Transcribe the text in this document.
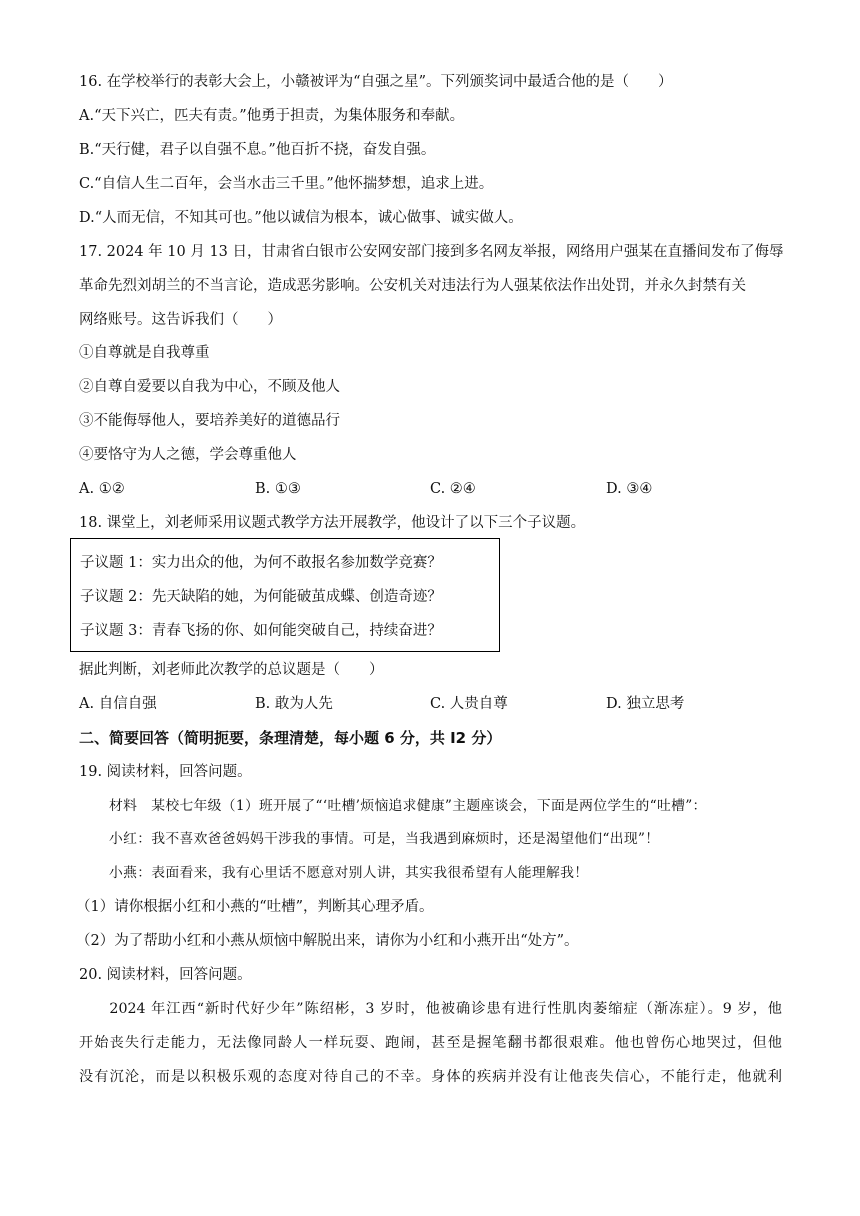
16. 在学校举行的表彰大会上，小赣被评为“自强之星”。下列颁奖词中最适合他的是（　　）
A.“天下兴亡，匹夫有责。”他勇于担责，为集体服务和奉献。
B.“天行健，君子以自强不息。”他百折不挠，奋发自强。
C.“自信人生二百年，会当水击三千里。”他怀揣梦想，追求上进。
D.“人而无信，不知其可也。”他以诚信为根本，诚心做事、诚实做人。
17. 2024 年 10 月 13 日，甘肃省白银市公安网安部门接到多名网友举报，网络用户强某在直播间发布了侮辱
革命先烈刘胡兰的不当言论，造成恶劣影响。公安机关对违法行为人强某依法作出处罚，并永久封禁有关
网络账号。这告诉我们（　　）
①自尊就是自我尊重
②自尊自爱要以自我为中心，不顾及他人
③不能侮辱他人，要培养美好的道德品行
④要恪守为人之德，学会尊重他人
A. ①②	B. ①③	C. ②④	D. ③④
18. 课堂上，刘老师采用议题式教学方法开展教学，他设计了以下三个子议题。
子议题 1：实力出众的他，为何不敢报名参加数学竞赛？
子议题 2：先天缺陷的她，为何能破茧成蝶、创造奇迹？
子议题 3：青春飞扬的你、如何能突破自己，持续奋进？
据此判断，刘老师此次教学的总议题是（　　）
A. 自信自强	B. 敢为人先	C. 人贵自尊	D. 独立思考
二、简要回答（简明扼要，条理清楚，每小题 6 分，共 I2 分）
19. 阅读材料，回答问题。
材料　某校七年级（1）班开展了“‘吐槽’烦恼追求健康”主题座谈会，下面是两位学生的“吐槽”：
小红：我不喜欢爸爸妈妈干涉我的事情。可是，当我遇到麻烦时，还是渴望他们“出现”！
小燕：表面看来，我有心里话不愿意对别人讲，其实我很希望有人能理解我！
（1）请你根据小红和小燕的“吐槽”，判断其心理矛盾。
（2）为了帮助小红和小燕从烦恼中解脱出来，请你为小红和小燕开出“处方”。
20. 阅读材料，回答问题。
　　2024 年江西“新时代好少年”陈绍彬，3 岁时，他被确诊患有进行性肌肉萎缩症（渐冻症）。9 岁，他
开始丧失行走能力，无法像同龄人一样玩耍、跑闹，甚至是握笔翻书都很艰难。他也曾伤心地哭过，但他
没有沉沦，而是以积极乐观的态度对待自己的不幸。身体的疾病并没有让他丧失信心，不能行走，他就利
